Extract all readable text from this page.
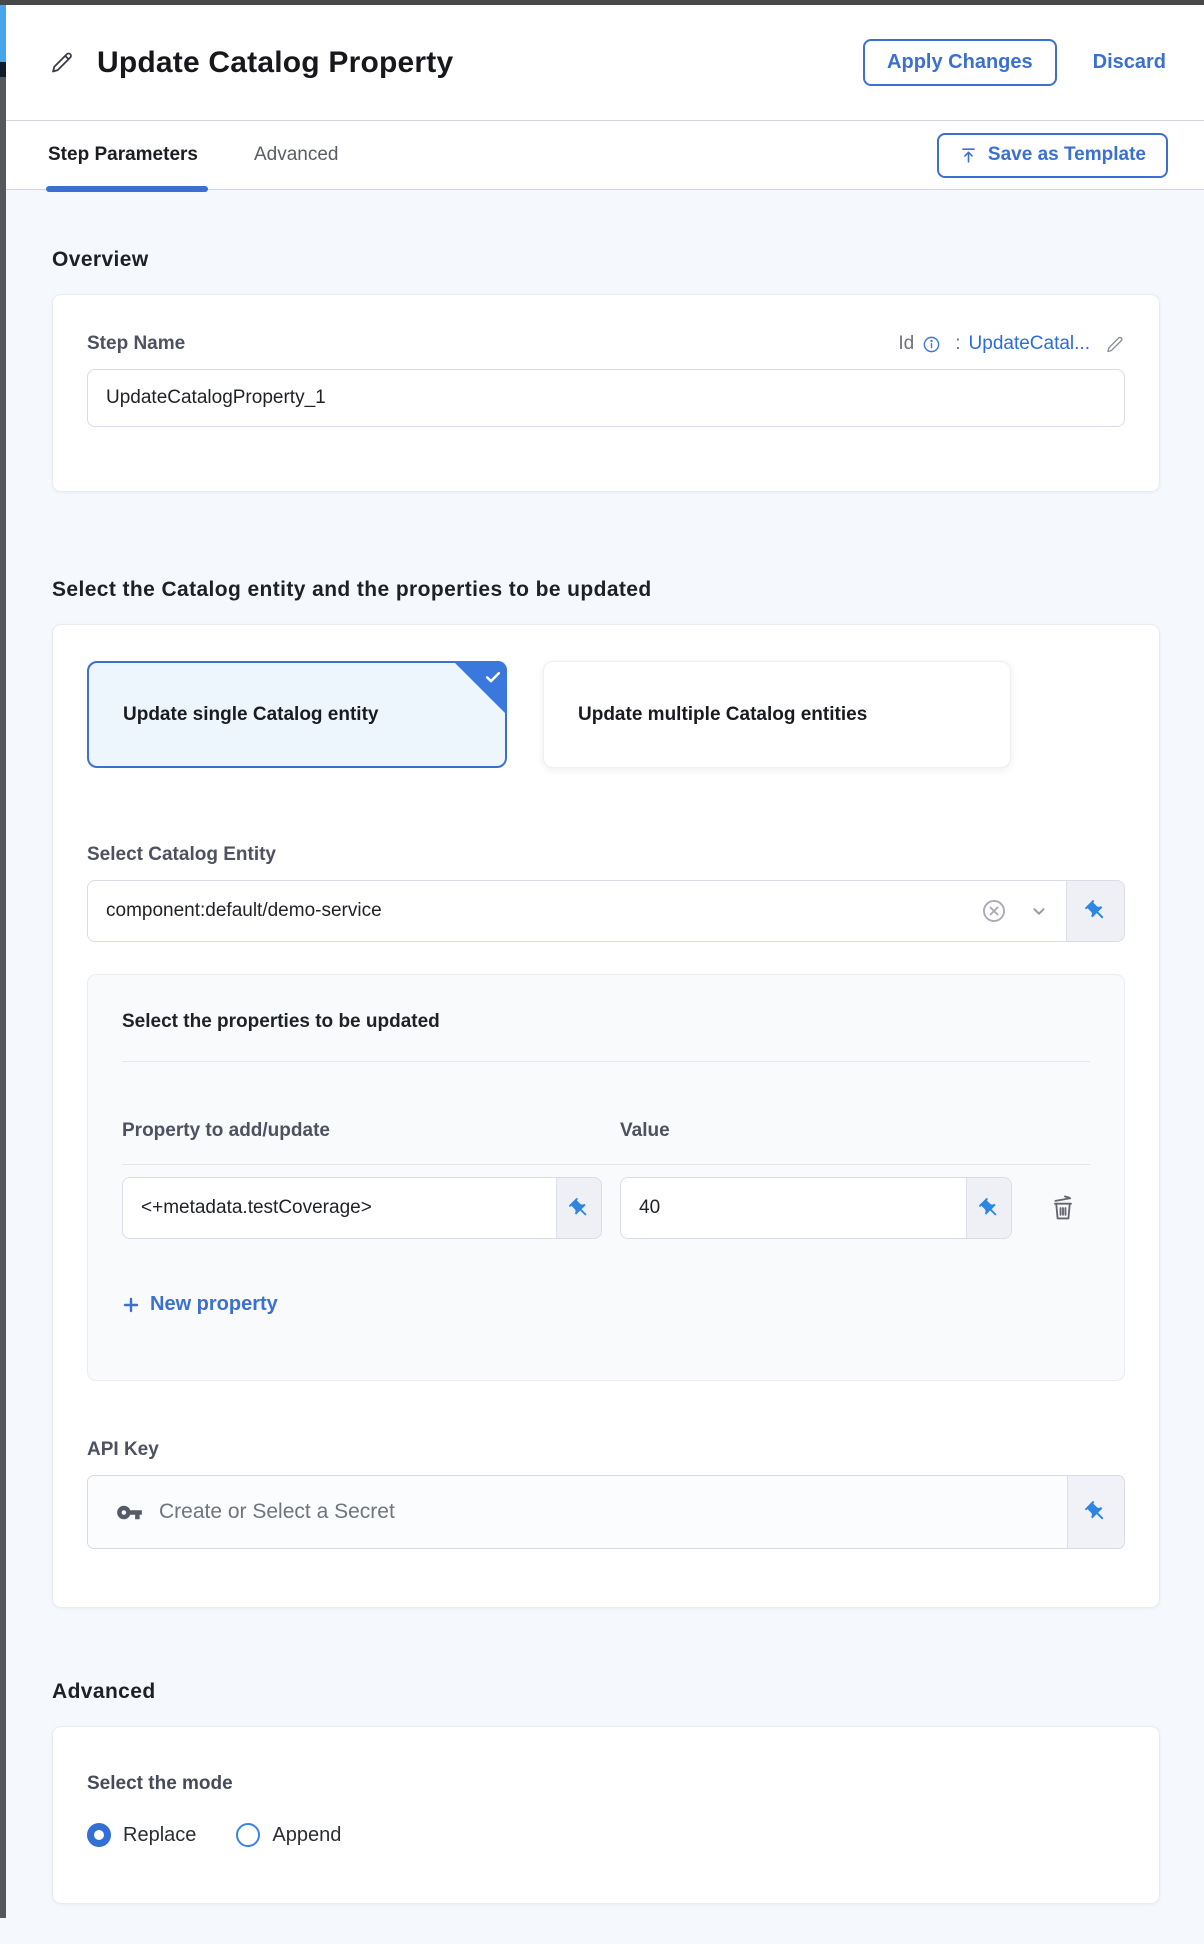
Update Catalog Property	Apply Changes	Discard
Step Parameters	Advanced	Save as Template
Overview
Step Name	Id : UpdateCatal...
UpdateCatalogProperty_1
Select the Catalog entity and the properties to be updated
Update single Catalog entity	Update multiple Catalog entities
Select Catalog Entity
component:default/demo-service
Select the properties to be updated
Property to add/update	Value
<+metadata.testCoverage>	40
New property
API Key
Create or Select a Secret
Advanced
Select the mode
Replace	Append
